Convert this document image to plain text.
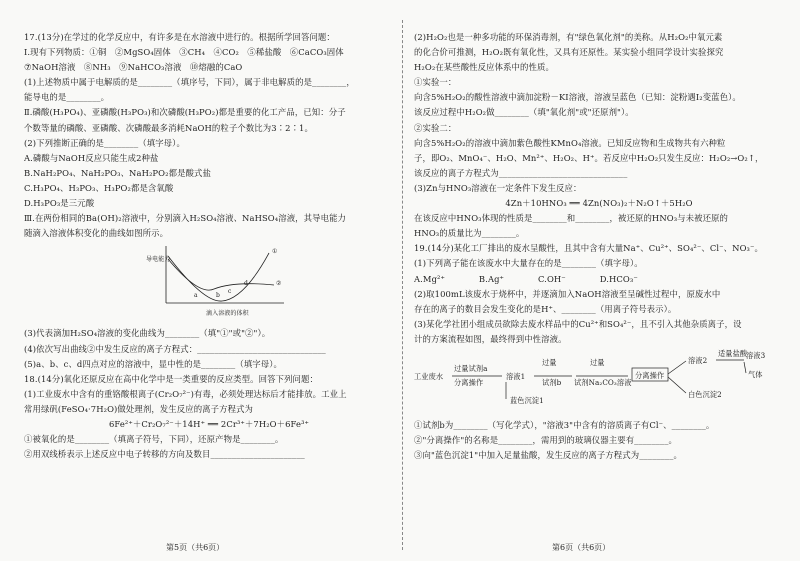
17.(13分)在学过的化学反应中，有许多是在水溶液中进行的。根据所学回答问题：
Ⅰ.现有下列物质：①铜　②MgSO₄固体　③CH₄　④CO₂　⑤稀盐酸　⑥CaCO₃固体
⑦NaOH溶液　⑧NH₃　⑨NaHCO₃溶液　⑩熔融的CaO
(1)上述物质中属于电解质的是________（填序号，下同），属于非电解质的是________，
能导电的是________。
Ⅱ.磷酸(H₃PO₄)、亚磷酸(H₃PO₃)和次磷酸(H₃PO₂)都是重要的化工产品，已知：分子
个数等量的磷酸、亚磷酸、次磷酸最多消耗NaOH的粒子个数比为3∶2∶1。
(2)下列推断正确的是________（填字母）。
A.磷酸与NaOH反应只能生成2种盐
B.NaH₂PO₄、NaH₂PO₃、NaH₂PO₂都是酸式盐
C.H₃PO₄、H₃PO₃、H₃PO₂都是含氧酸
D.H₃PO₃是三元酸
Ⅲ.在两份相同的Ba(OH)₂溶液中，分别滴入H₂SO₄溶液、NaHSO₄溶液，其导电能力
随滴入溶液体积变化的曲线如图所示。
导电能力
①
②
a	b
c
d
滴入溶液的体积
(3)代表滴加H₂SO₄溶液的变化曲线为________（填"①"或"②"）。
(4)依次写出曲线②中发生反应的离子方程式：______________________________
(5)a、b、c、d四点对应的溶液中，显中性的是________（填字母）。
18.(14分)氧化还原反应在高中化学中是一类重要的反应类型。回答下列问题：
(1)工业废水中含有的重铬酸根离子(Cr₂O₇²⁻)有毒，必须处理达标后才能排放。工业上
常用绿矾(FeSO₄·7H₂O)做处理剂，发生反应的离子方程式为
6Fe²⁺＋Cr₂O₇²⁻＋14H⁺ ══ 2Cr³⁺＋7H₂O＋6Fe³⁺
①被氧化的是________（填离子符号，下同），还原产物是________。
②用双线桥表示上述反应中电子转移的方向及数目______________________
(2)H₂O₂也是一种多功能的环保消毒剂，有"绿色氧化剂"的美称。从H₂O₂中氧元素
的化合价可推测，H₂O₂既有氧化性，又具有还原性。某实验小组同学设计实验探究
H₂O₂在某些酸性反应体系中的性质。
①实验一：
向含5%H₂O₂的酸性溶液中滴加淀粉－KI溶液，溶液呈蓝色（已知：淀粉遇I₂变蓝色）。
该反应过程中H₂O₂做________（填"氧化剂"或"还原剂"）。
②实验二：
向含5%H₂O₂的溶液中滴加紫色酸性KMnO₄溶液。已知反应物和生成物共有六种粒
子，即O₂、MnO₄⁻、H₂O、Mn²⁺、H₂O₂、H⁺。若反应中H₂O₂只发生反应：H₂O₂→O₂↑，
该反应的离子方程式为______________________________
(3)Zn与HNO₃溶液在一定条件下发生反应：
4Zn＋10HNO₃ ══ 4Zn(NO₃)₂＋N₂O↑＋5H₂O
在该反应中HNO₃体现的性质是________和________，被还原的HNO₃与未被还原的
HNO₃的质量比为________。
19.(14分)某化工厂排出的废水呈酸性，且其中含有大量Na⁺、Cu²⁺、SO₄²⁻、Cl⁻、NO₃⁻。
(1)下列离子能在该废水中大量存在的是________（填字母）。
A.Mg²⁺　　　　B.Ag⁺　　　　C.OH⁻　　　　D.HCO₃⁻
(2)取100mL该废水于烧杯中，并逐滴加入NaOH溶液至呈碱性过程中，原废水中
存在的离子的数目会发生变化的是H⁺、________（用离子符号表示）。
(3)某化学社团小组成员欲除去废水样品中的Cu²⁺和SO₄²⁻，且不引入其他杂质离子，设
计的方案流程如图，最终得到中性溶液。
工业废水
过量试剂a
分离操作
溶液1
蓝色沉淀1
过量
试剂b
过量
试剂Na₂CO₃溶液
分离操作
溶液2
白色沉淀2
适量盐酸
溶液3
气体
①试剂b为________（写化学式），"溶液3"中含有的溶质离子有Cl⁻、________。
②"分离操作"的名称是________，需用到的玻璃仪器主要有________。
③向"蓝色沉淀1"中加入足量盐酸，发生反应的离子方程式为________。
第5页（共6页）	第6页（共6页）
